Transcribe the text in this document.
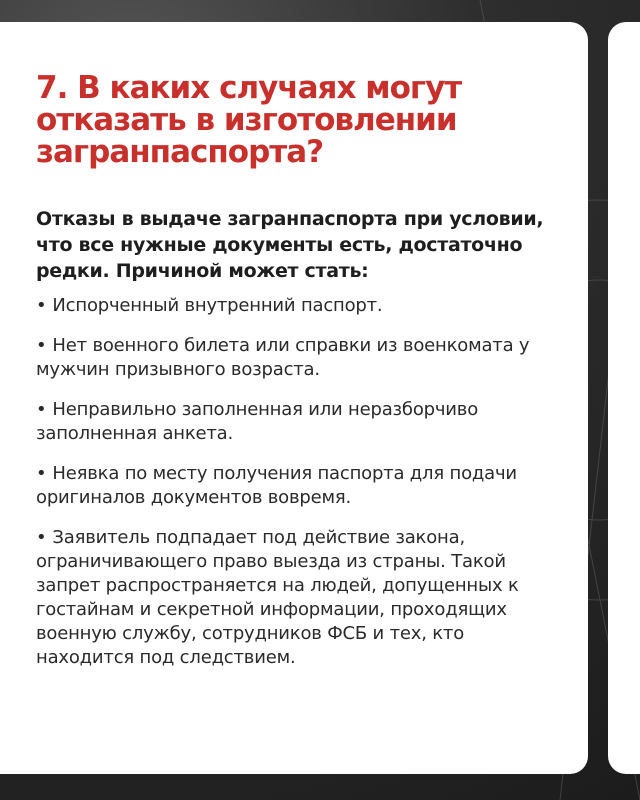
7. В каких случаях могут отказать в изготовлении загранпаспорта?

Отказы в выдаче загранпаспорта при условии, что все нужные документы есть, достаточно редки. Причиной может стать:

• Испорченный внутренний паспорт.
• Нет военного билета или справки из военкомата у мужчин призывного возраста.
• Неправильно заполненная или неразборчиво заполненная анкета.
• Неявка по месту получения паспорта для подачи оригиналов документов вовремя.
• Заявитель подпадает под действие закона, ограничивающего право выезда из страны. Такой запрет распространяется на людей, допущенных к гостайнам и секретной информации, проходящих военную службу, сотрудников ФСБ и тех, кто находится под следствием.
